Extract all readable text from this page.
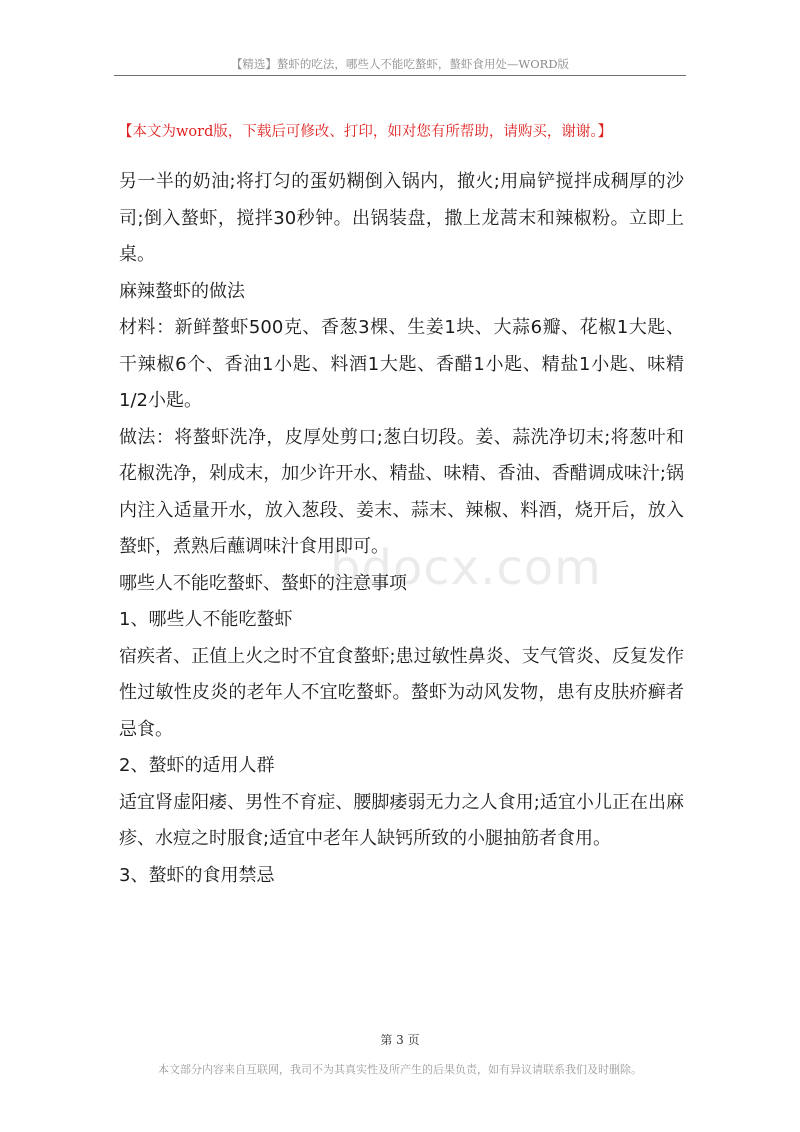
【精选】螯虾的吃法，哪些人不能吃螯虾，螯虾食用处—WORD版
【本文为word版，下载后可修改、打印，如对您有所帮助，请购买，谢谢。】

另一半的奶油;将打匀的蛋奶糊倒入锅内，撤火;用扁铲搅拌成稠厚的沙司;倒入螯虾，搅拌30秒钟。出锅装盘，撒上龙蒿末和辣椒粉。立即上桌。

麻辣螯虾的做法

材料：新鲜螯虾500克、香葱3棵、生姜1块、大蒜6瓣、花椒1大匙、干辣椒6个、香油1小匙、料酒1大匙、香醋1小匙、精盐1小匙、味精1/2小匙。

做法：将螯虾洗净，皮厚处剪口;葱白切段。姜、蒜洗净切末;将葱叶和花椒洗净，剁成末，加少许开水、精盐、味精、香油、香醋调成味汁;锅内注入适量开水，放入葱段、姜末、蒜末、辣椒、料酒，烧开后，放入螯虾，煮熟后蘸调味汁食用即可。

哪些人不能吃螯虾、螯虾的注意事项

1、哪些人不能吃螯虾

宿疾者、正值上火之时不宜食螯虾;患过敏性鼻炎、支气管炎、反复发作性过敏性皮炎的老年人不宜吃螯虾。螯虾为动风发物，患有皮肤疥癣者忌食。

2、螯虾的适用人群

适宜肾虚阳痿、男性不育症、腰脚痿弱无力之人食用;适宜小儿正在出麻疹、水痘之时服食;适宜中老年人缺钙所致的小腿抽筋者食用。

3、螯虾的食用禁忌

bdocx.com
第 3 页
本文部分内容来自互联网，我司不为其真实性及所产生的后果负责，如有异议请联系我们及时删除。
